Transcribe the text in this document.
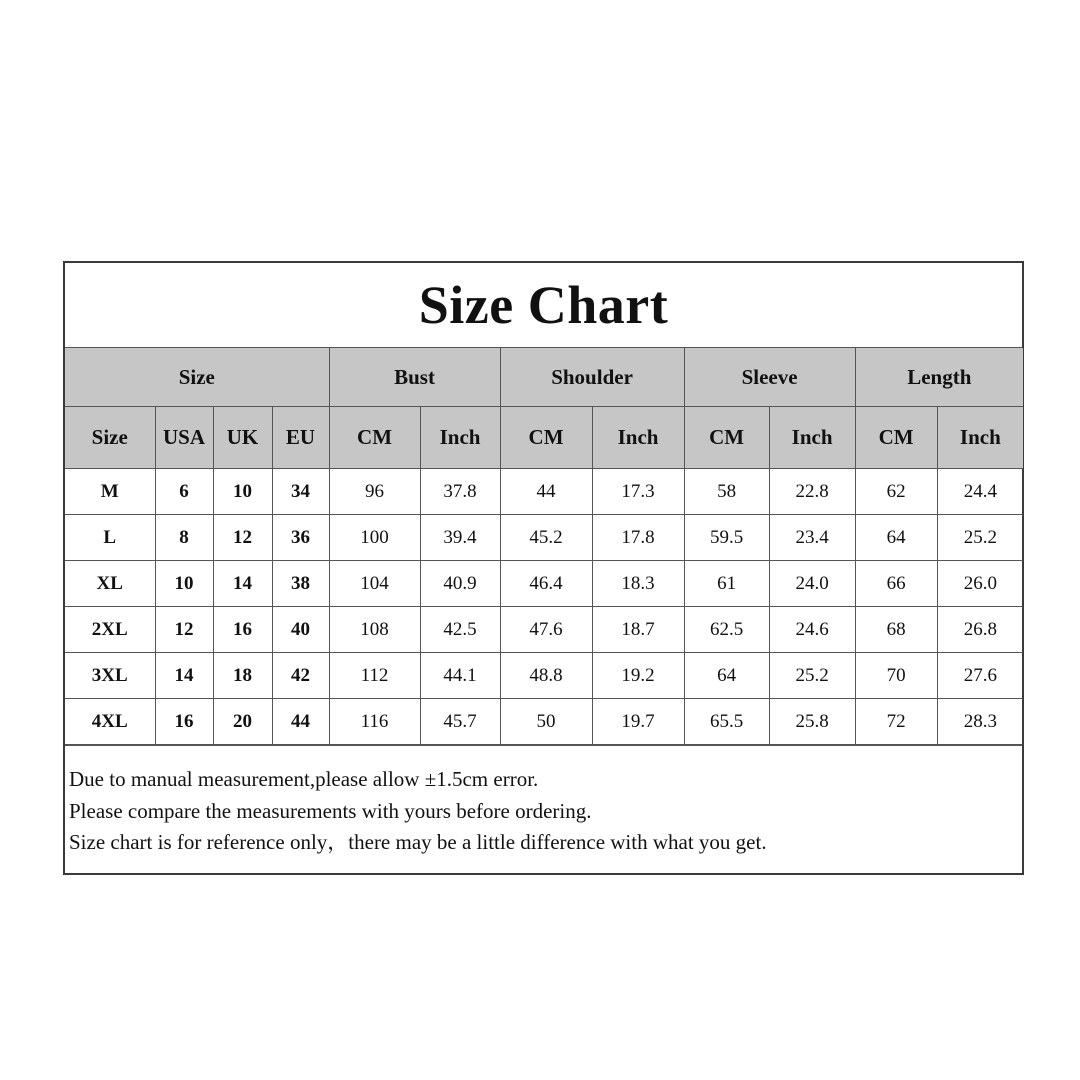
Size Chart
Size				Bust		Shoulder		Sleeve		Length	
Size	USA	UK	EU	CM	Inch	CM	Inch	CM	Inch	CM	Inch
M	6	10	34	96	37.8	44	17.3	58	22.8	62	24.4
L	8	12	36	100	39.4	45.2	17.8	59.5	23.4	64	25.2
XL	10	14	38	104	40.9	46.4	18.3	61	24.0	66	26.0
2XL	12	16	40	108	42.5	47.6	18.7	62.5	24.6	68	26.8
3XL	14	18	42	112	44.1	48.8	19.2	64	25.2	70	27.6
4XL	16	20	44	116	45.7	50	19.7	65.5	25.8	72	28.3
Due to manual measurement,please allow ±1.5cm error.
Please compare the measurements with yours before ordering.
Size chart is for reference only，there may be a little difference with what you get.
